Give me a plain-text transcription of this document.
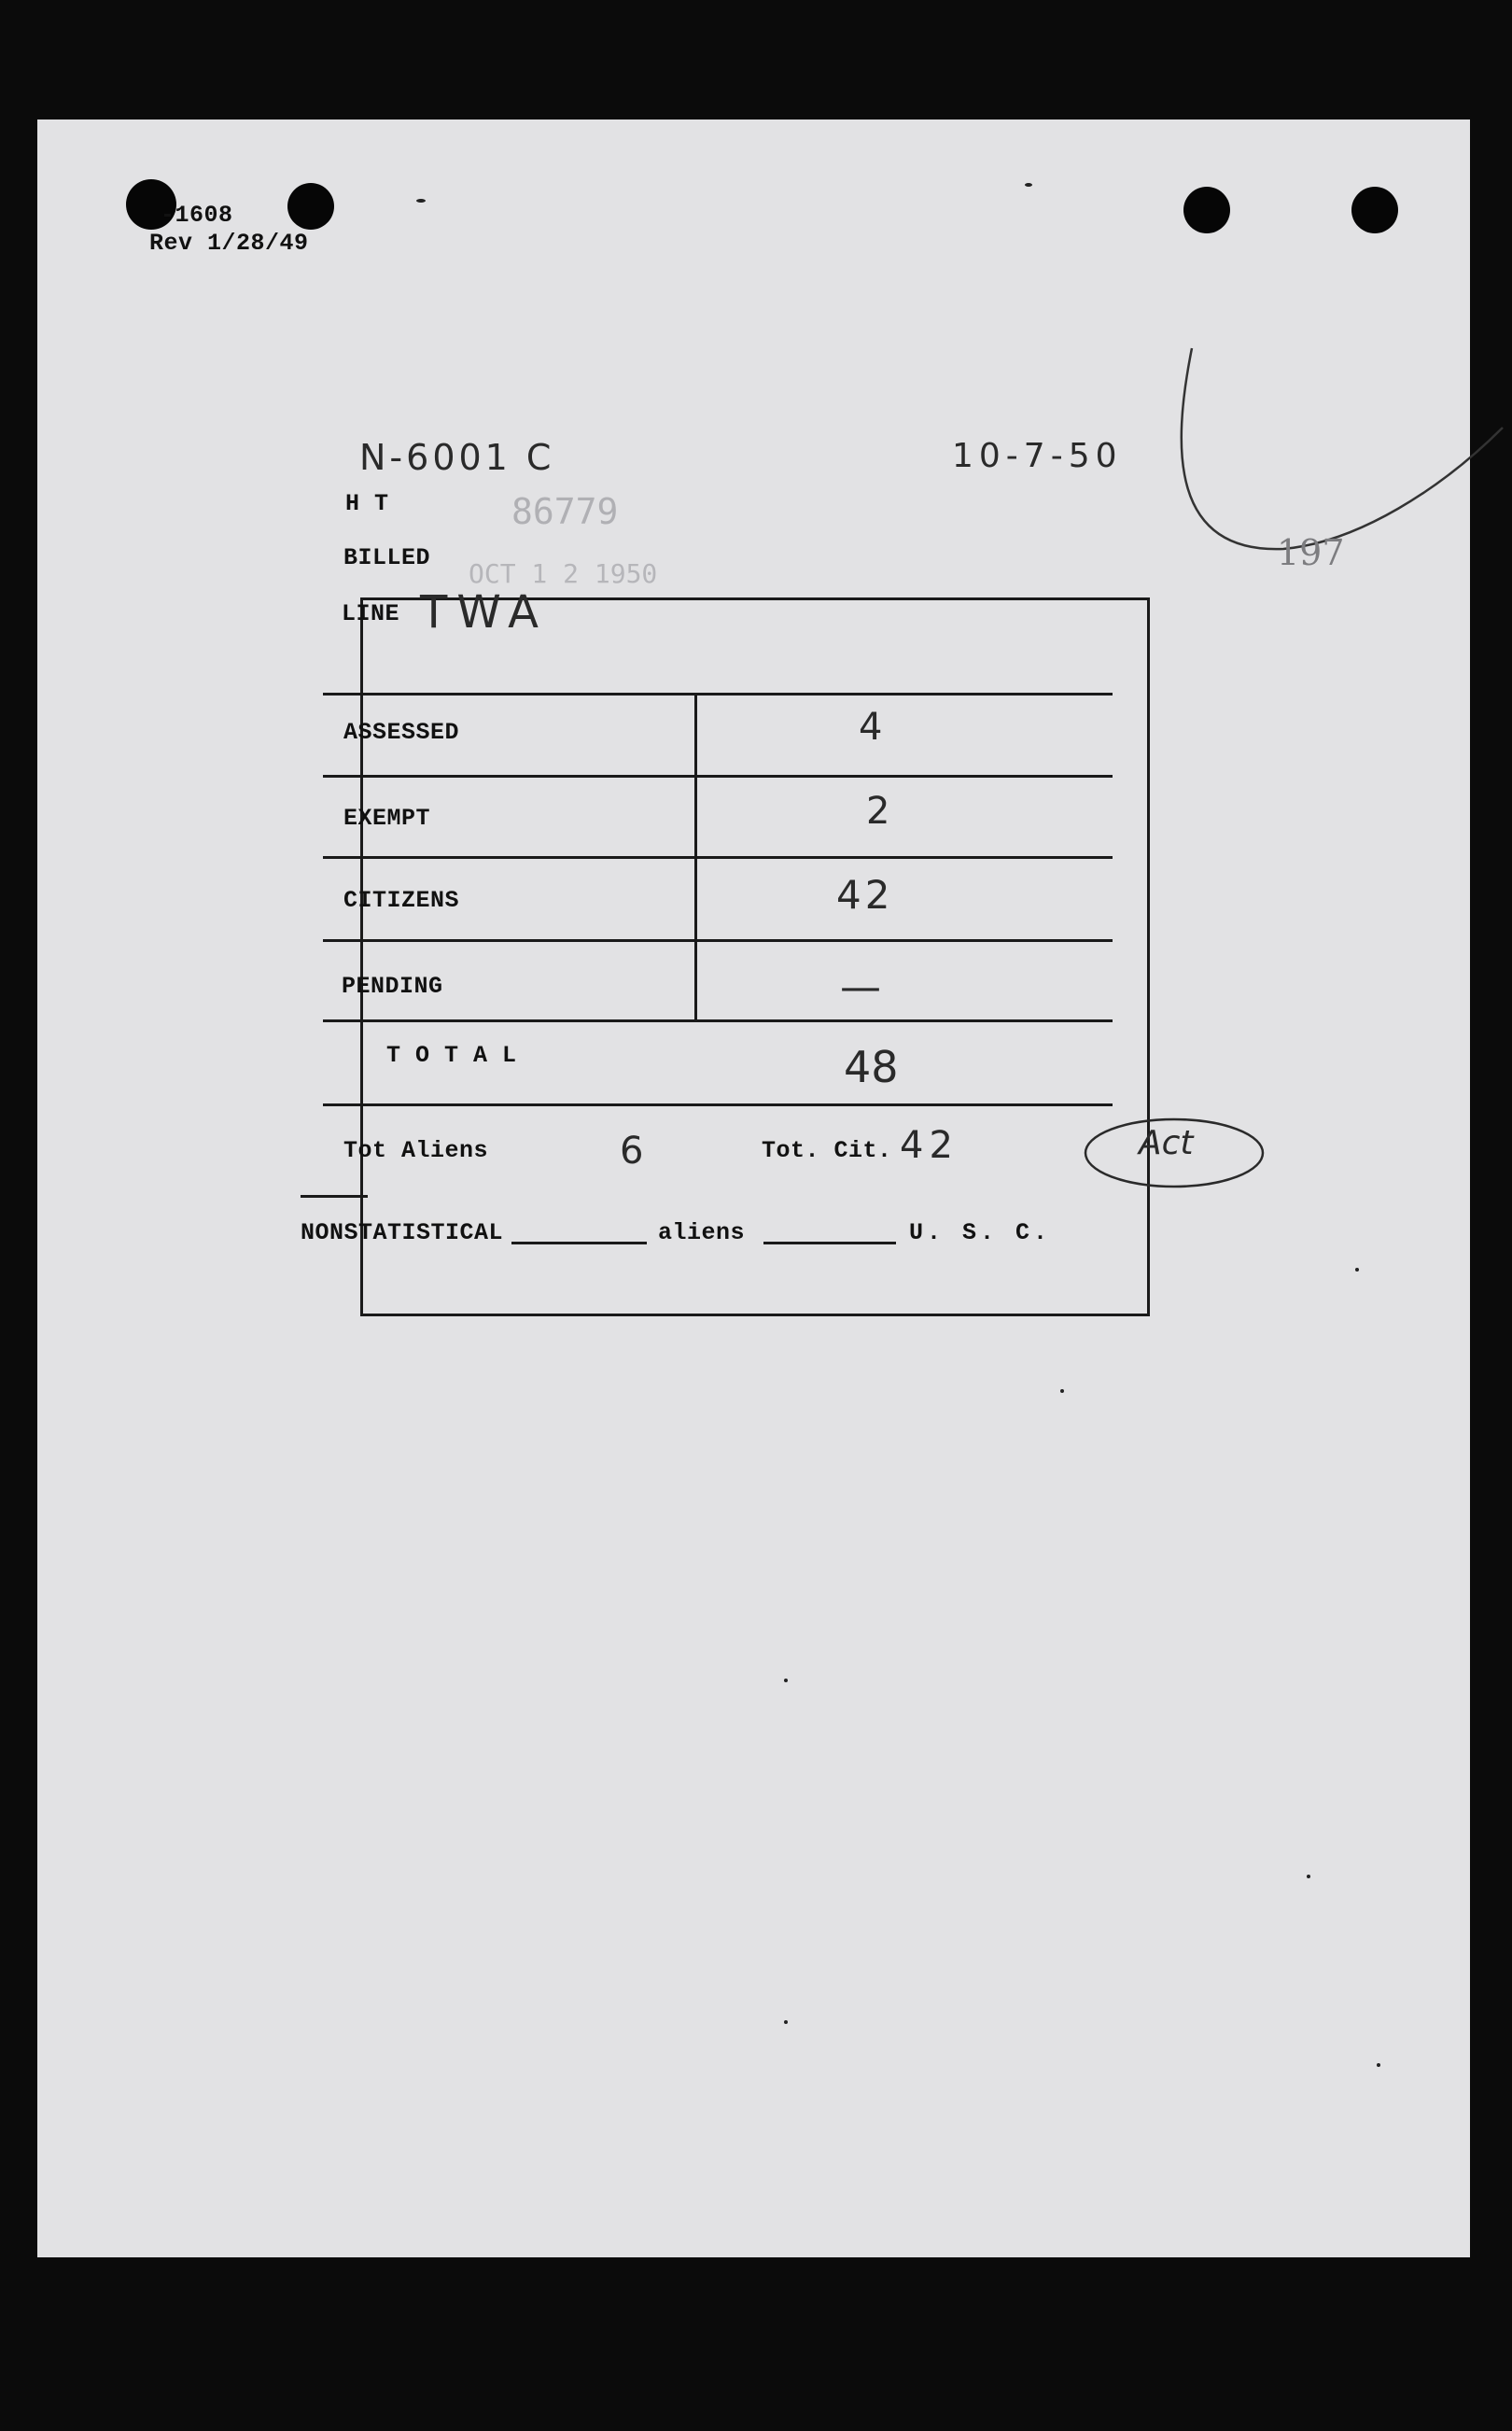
-1608
Rev 1/28/49
N-6001 C	10-7-50
197
H T
BILLED
LINE TWA
86779
OCT 1 2 1950
ASSESSED	4
EXEMPT	2
CITIZENS	42
PENDING	—
T O T A L	48
Tot Aliens	6	Tot. Cit. 42	Act
NONSTATISTICAL	aliens	U. S. C.
